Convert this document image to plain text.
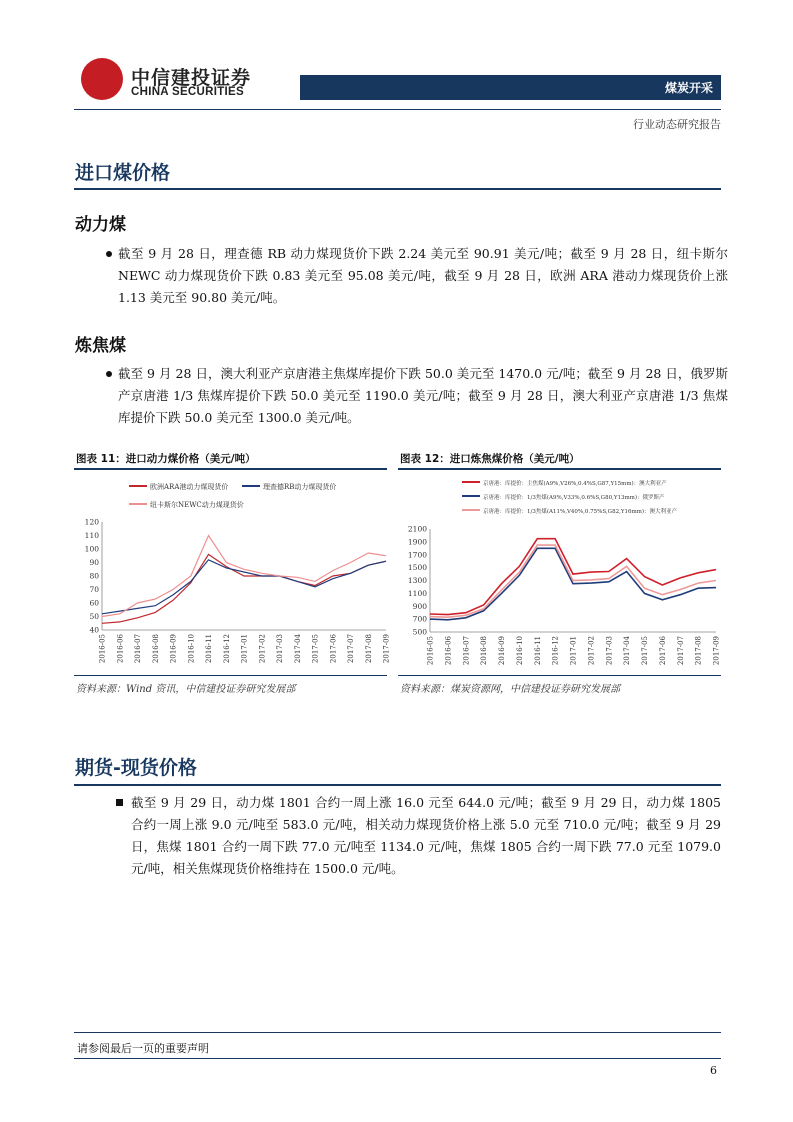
中信建投证券
CHINA SECURITIES	煤炭开采
行业动态研究报告
进口煤价格
动力煤
截至 9 月 28 日，理查德 RB 动力煤现货价下跌 2.24 美元至 90.91 美元/吨；截至 9 月 28 日，纽卡斯尔 NEWC 动力煤现货价下跌 0.83 美元至 95.08 美元/吨，截至 9 月 28 日，欧洲 ARA 港动力煤现货价上涨 1.13 美元至 90.80 美元/吨。
炼焦煤
截至 9 月 28 日，澳大利亚产京唐港主焦煤库提价下跌 50.0 美元至 1470.0 元/吨；截至 9 月 28 日，俄罗斯产京唐港 1/3 焦煤库提价下跌 50.0 美元至 1190.0 美元/吨；截至 9 月 28 日，澳大利亚产京唐港 1/3 焦煤库提价下跌 50.0 美元至 1300.0 美元/吨。
图表 11：进口动力煤价格（美元/吨）	图表 12：进口炼焦煤价格（美元/吨）
欧洲ARA港动力煤现货价	理查德RB动力煤现货价
纽卡斯尔NEWC动力煤现货价
40
50
60
70
80
90
100
110
120
2016-05 2016-06 2016-07 2016-08 2016-09 2016-10 2016-11 2016-12 2017-01 2017-02 2017-03 2017-04 2017-05 2017-06 2017-07 2017-08 2017-09
京唐港：库提价：主焦煤(A9%,V26%,0.4%S,G87,Y15mm)：澳大利亚产
京唐港：库提价：1/3焦煤(A9%,V33%,0.6%S,G80,Y13mm)：俄罗斯产
京唐港：库提价：1/3焦煤(A11%,V40%,0.75%S,G82,Y16mm)：澳大利亚产
500
700
900
1100
1300
1500
1700
1900
2100
2016-05 2016-06 2016-07 2016-08 2016-09 2016-10 2016-11 2016-12 2017-01 2017-02 2017-03 2017-04 2017-05 2017-06 2017-07 2017-08 2017-09
资料来源：Wind 资讯，中信建投证券研究发展部	资料来源：煤炭资源网，中信建投证券研究发展部
期货-现货价格
截至 9 月 29 日，动力煤 1801 合约一周上涨 16.0 元至 644.0 元/吨；截至 9 月 29 日，动力煤 1805 合约一周上涨 9.0 元/吨至 583.0 元/吨，相关动力煤现货价格上涨 5.0 元至 710.0 元/吨；截至 9 月 29 日，焦煤 1801 合约一周下跌 77.0 元/吨至 1134.0 元/吨，焦煤 1805 合约一周下跌 77.0 元至 1079.0 元/吨，相关焦煤现货价格维持在 1500.0 元/吨。
请参阅最后一页的重要声明
6
